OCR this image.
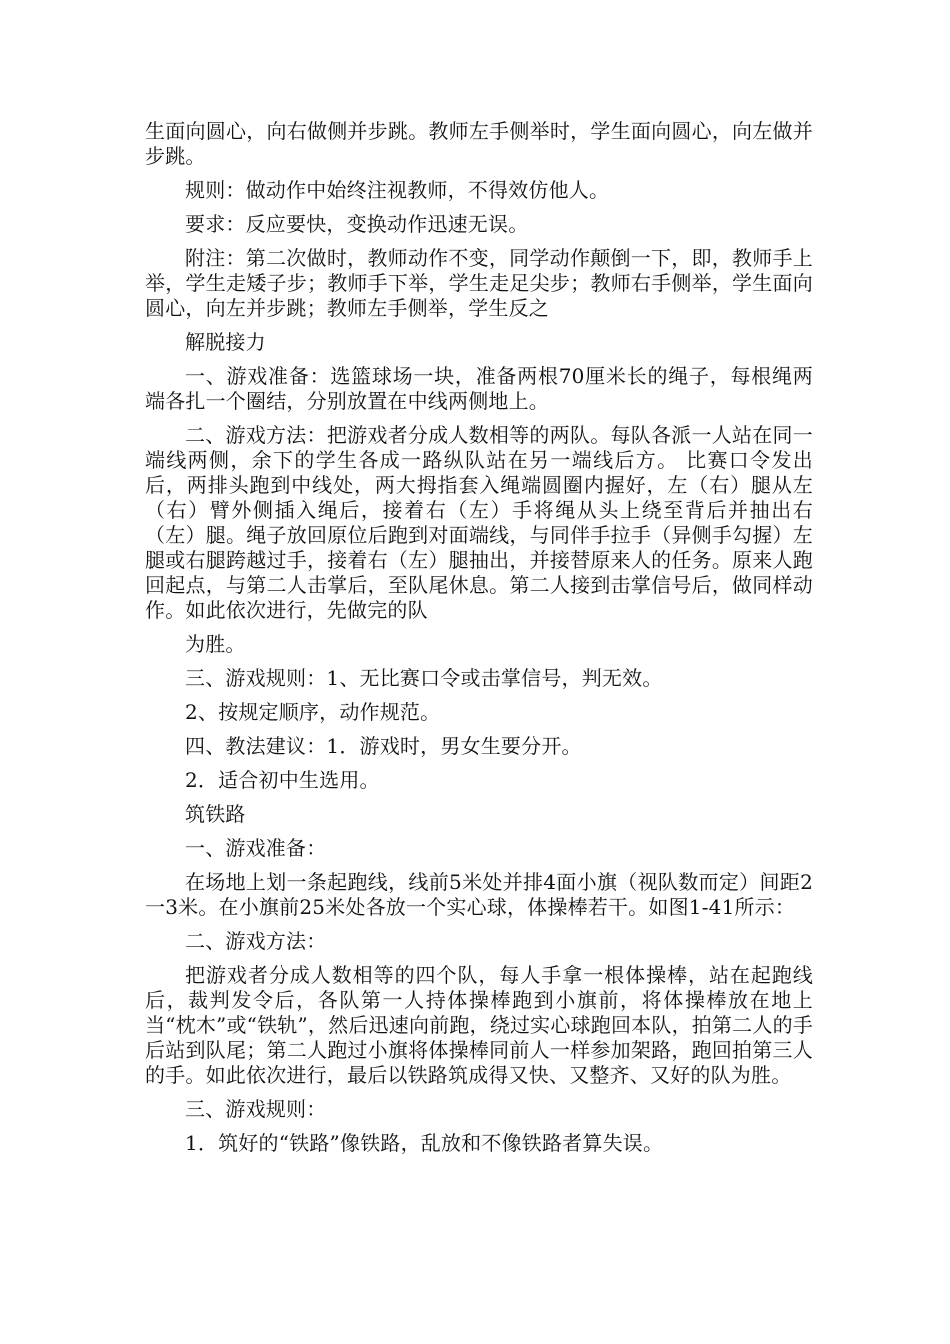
生面向圆心，向右做侧并步跳。教师左手侧举时，学生面向圆心，向左做并步跳。

规则：做动作中始终注视教师，不得效仿他人。

要求：反应要快，变换动作迅速无误。

附注：第二次做时，教师动作不变，同学动作颠倒一下，即，教师手上举，学生走矮子步；教师手下举，学生走足尖步；教师右手侧举，学生面向圆心，向左并步跳；教师左手侧举，学生反之

解脱接力

一、游戏准备：选篮球场一块，准备两根70厘米长的绳子，每根绳两端各扎一个圈结，分别放置在中线两侧地上。

二、游戏方法：把游戏者分成人数相等的两队。每队各派一人站在同一端线两侧，余下的学生各成一路纵队站在另一端线后方。 比赛口令发出后，两排头跑到中线处，两大拇指套入绳端圆圈内握好，左（右）腿从左（右）臂外侧插入绳后，接着右（左）手将绳从头上绕至背后并抽出右（左）腿。绳子放回原位后跑到对面端线，与同伴手拉手（异侧手勾握）左腿或右腿跨越过手，接着右（左）腿抽出，并接替原来人的任务。原来人跑回起点，与第二人击掌后，至队尾休息。第二人接到击掌信号后，做同样动作。如此依次进行，先做完的队

为胜。

三、游戏规则：1、无比赛口令或击掌信号，判无效。

2、按规定顺序，动作规范。

四、教法建议：1．游戏时，男女生要分开。

2．适合初中生选用。

筑铁路

一、游戏准备：

在场地上划一条起跑线，线前5米处并排4面小旗（视队数而定）间距2一3米。在小旗前25米处各放一个实心球，体操棒若干。如图1-41所示：

二、游戏方法：

把游戏者分成人数相等的四个队，每人手拿一根体操棒，站在起跑线后，裁判发令后，各队第一人持体操棒跑到小旗前，将体操棒放在地上当“枕木”或“铁轨”，然后迅速向前跑，绕过实心球跑回本队，拍第二人的手后站到队尾；第二人跑过小旗将体操棒同前人一样参加架路，跑回拍第三人的手。如此依次进行，最后以铁路筑成得又快、又整齐、又好的队为胜。

三、游戏规则：

1．筑好的“铁路”像铁路，乱放和不像铁路者算失误。
